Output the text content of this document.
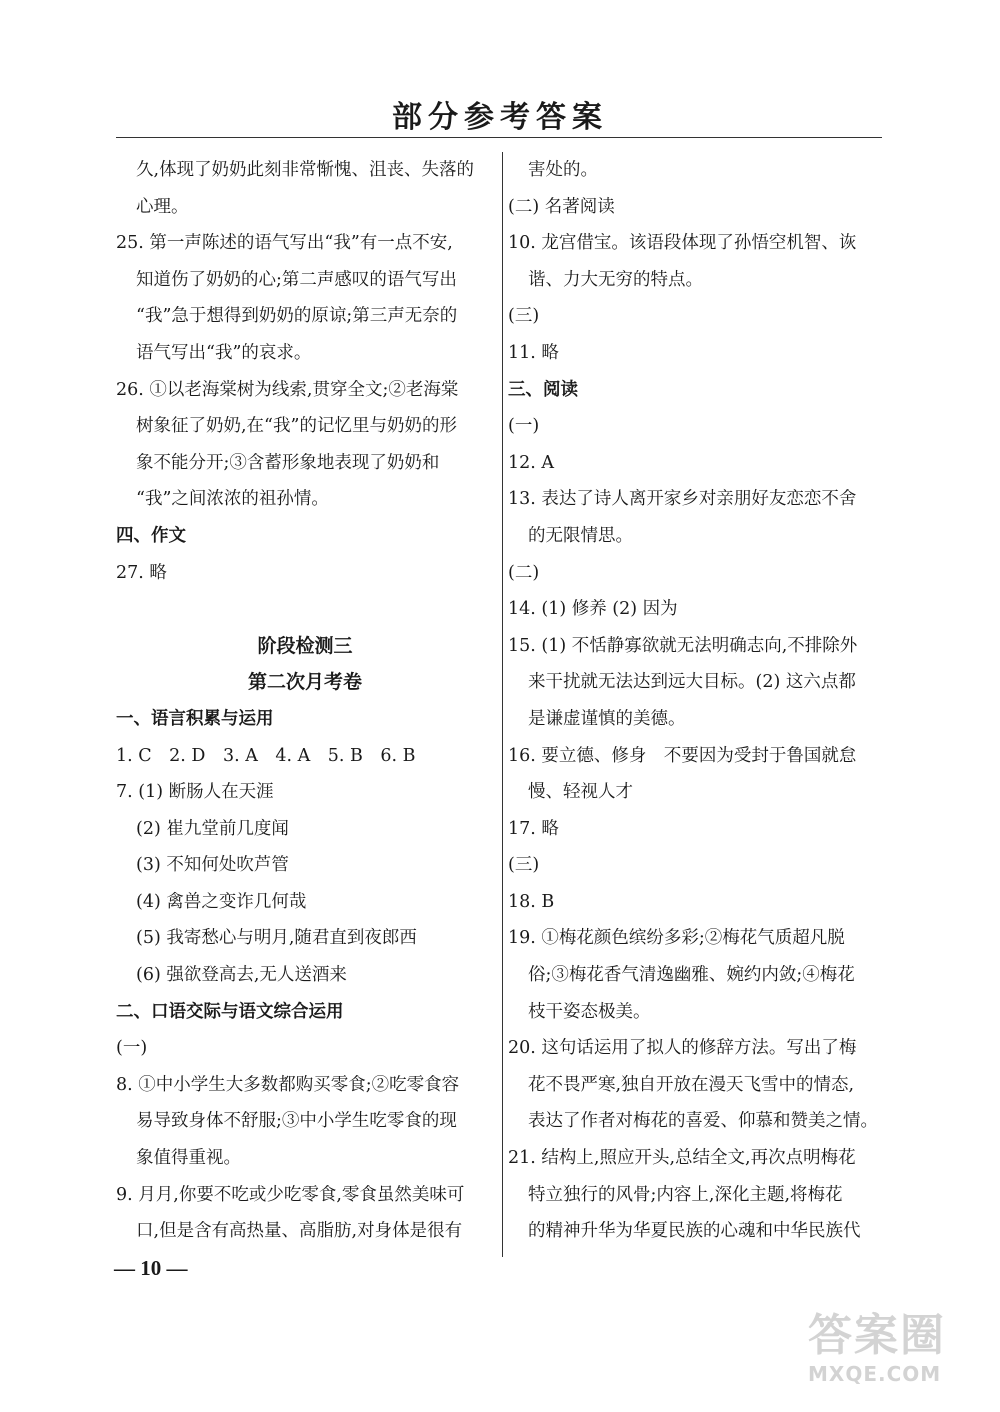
部分参考答案
久,体现了奶奶此刻非常惭愧、沮丧、失落的
心理。
25. 第一声陈述的语气写出“我”有一点不安,
知道伤了奶奶的心;第二声感叹的语气写出
“我”急于想得到奶奶的原谅;第三声无奈的
语气写出“我”的哀求。
26. ①以老海棠树为线索,贯穿全文;②老海棠
树象征了奶奶,在“我”的记忆里与奶奶的形
象不能分开;③含蓄形象地表现了奶奶和
“我”之间浓浓的祖孙情。
四、作文
27. 略
阶段检测三
第二次月考卷
一、语言积累与运用
1. C　2. D　3. A　4. A　5. B　6. B
7. (1) 断肠人在天涯
(2) 崔九堂前几度闻
(3) 不知何处吹芦管
(4) 禽兽之变诈几何哉
(5) 我寄愁心与明月,随君直到夜郎西
(6) 强欲登高去,无人送酒来
二、口语交际与语文综合运用
(一)
8. ①中小学生大多数都购买零食;②吃零食容
易导致身体不舒服;③中小学生吃零食的现
象值得重视。
9. 月月,你要不吃或少吃零食,零食虽然美味可
口,但是含有高热量、高脂肪,对身体是很有
害处的。
(二) 名著阅读
10. 龙宫借宝。该语段体现了孙悟空机智、诙
谐、力大无穷的特点。
(三)
11. 略
三、阅读
(一)
12. A
13. 表达了诗人离开家乡对亲朋好友恋恋不舍
的无限情思。
(二)
14. (1) 修养 (2) 因为
15. (1) 不恬静寡欲就无法明确志向,不排除外
来干扰就无法达到远大目标。(2) 这六点都
是谦虚谨慎的美德。
16. 要立德、修身　不要因为受封于鲁国就怠
慢、轻视人才
17. 略
(三)
18. B
19. ①梅花颜色缤纷多彩;②梅花气质超凡脱
俗;③梅花香气清逸幽雅、婉约内敛;④梅花
枝干姿态极美。
20. 这句话运用了拟人的修辞方法。写出了梅
花不畏严寒,独自开放在漫天飞雪中的情态,
表达了作者对梅花的喜爱、仰慕和赞美之情。
21. 结构上,照应开头,总结全文,再次点明梅花
特立独行的风骨;内容上,深化主题,将梅花
的精神升华为华夏民族的心魂和中华民族代
— 10 —
答案圈
MXQE.COM
